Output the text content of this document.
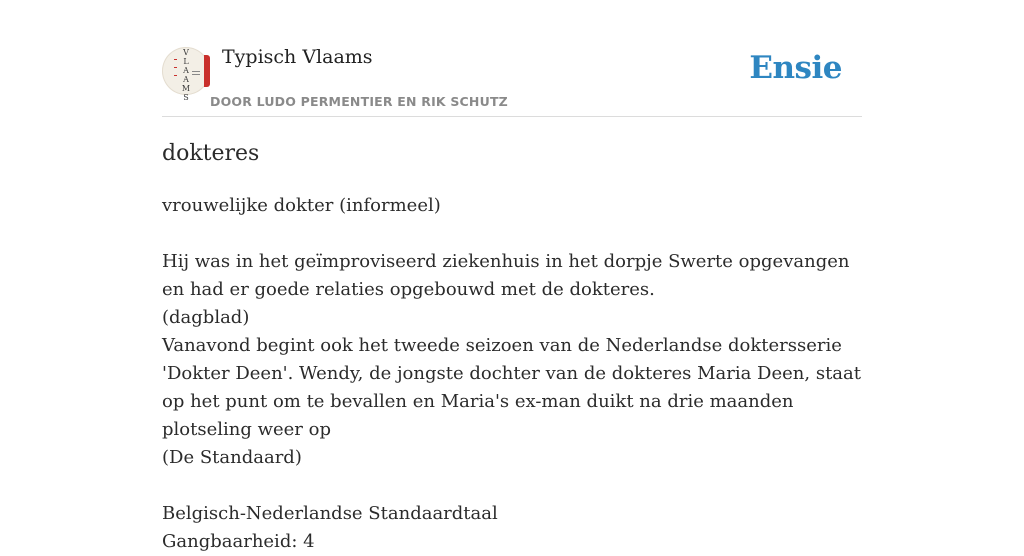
V
L
A
A
M
S
Typisch Vlaams
DOOR LUDO PERMENTIER EN RIK SCHUTZ
Ensie
dokteres

vrouwelijke dokter (informeel)

Hij was in het geïmproviseerd ziekenhuis in het dorpje Swerte opgevangen en had er goede relaties opgebouwd met de dokteres.

(dagblad)

Vanavond begint ook het tweede seizoen van de Nederlandse doktersserie 'Dokter Deen'. Wendy, de jongste dochter van de dokteres Maria Deen, staat op het punt om te bevallen en Maria's ex-man duikt na drie maanden plotseling weer op

(De Standaard)

Belgisch-Nederlandse Standaardtaal

Gangbaarheid: 4
